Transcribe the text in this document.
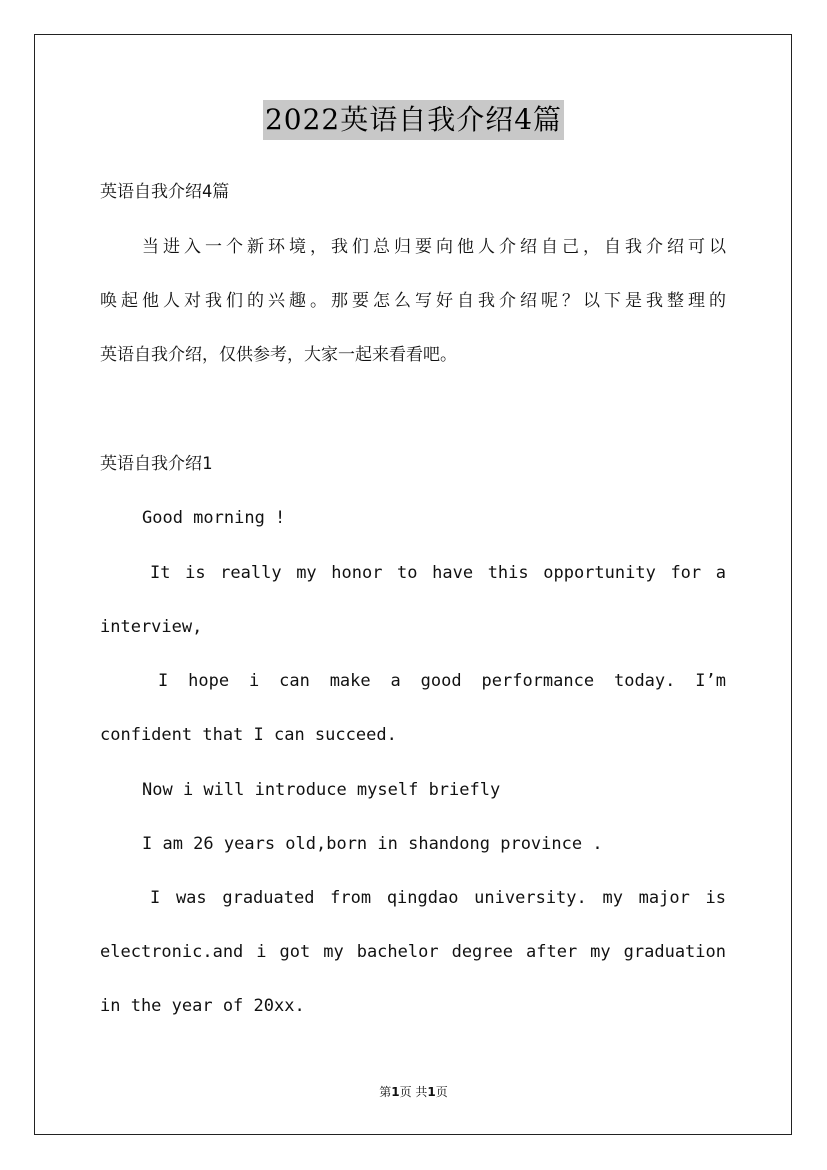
2022英语自我介绍4篇
英语自我介绍4篇
当进入一个新环境，我们总归要向他人介绍自己，自我介绍可以
唤起他人对我们的兴趣。那要怎么写好自我介绍呢？以下是我整理的
英语自我介绍，仅供参考，大家一起来看看吧。
英语自我介绍1
Good morning !
It is really my honor to have this opportunity for a
interview,
I hope i can make a good performance today. I’m
confident that I can succeed.
Now i will introduce myself briefly
I am 26 years old,born in shandong province .
I was graduated from qingdao university. my major is
electronic.and i got my bachelor degree after my graduation
in the year of 20xx.
第1页 共1页
